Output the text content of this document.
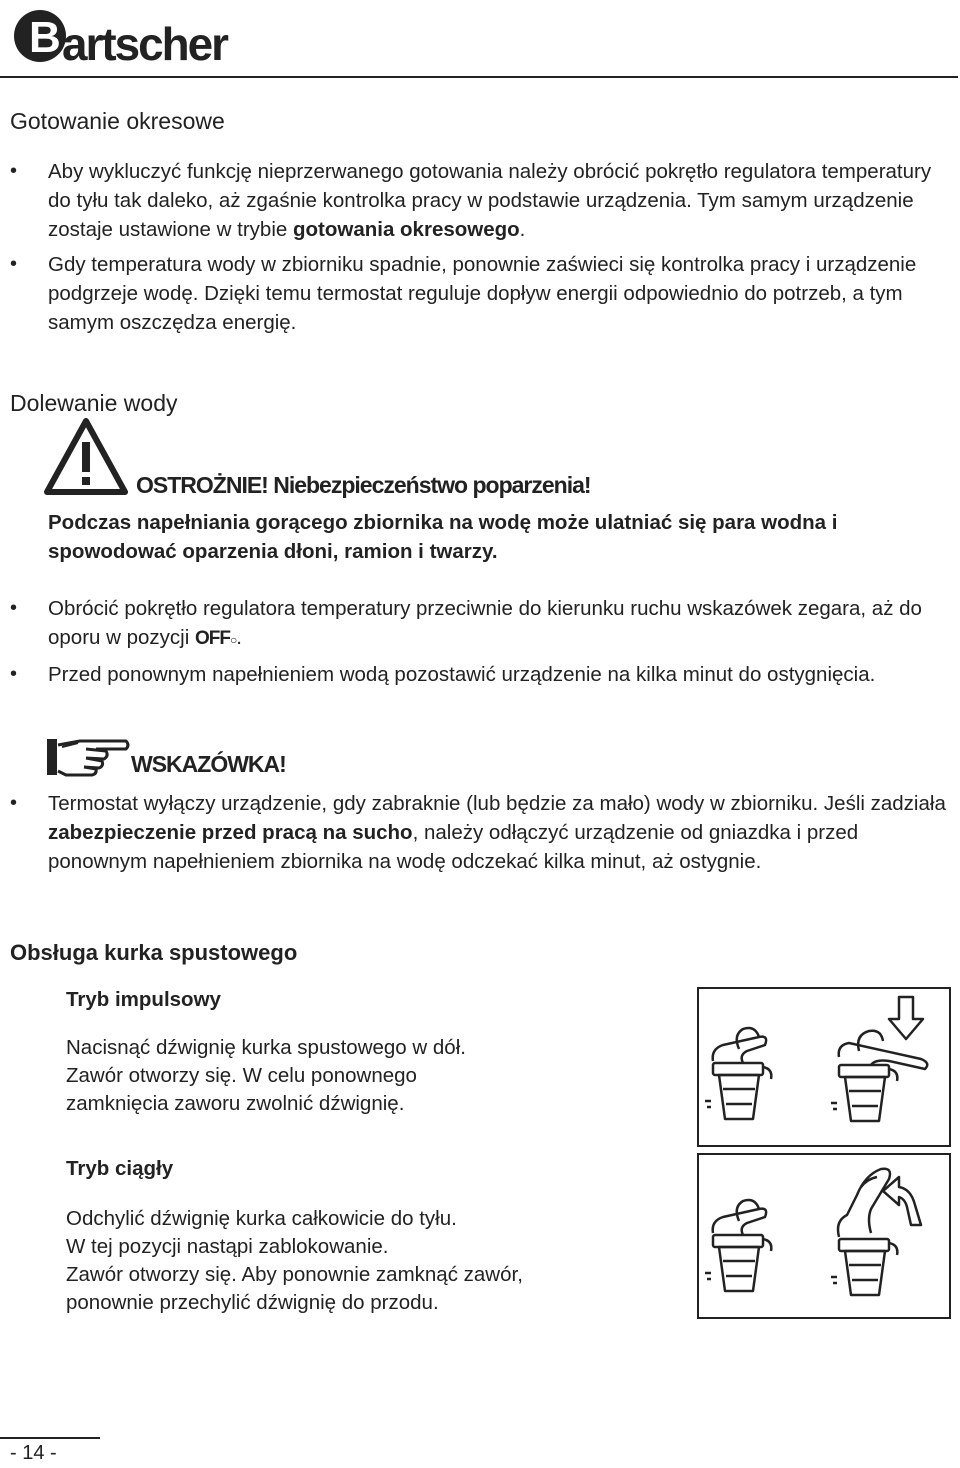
B artscher
Gotowanie okresowe
• Aby wykluczyć funkcję nieprzerwanego gotowania należy obrócić pokrętło regulatora temperatury do tyłu tak daleko, aż zgaśnie kontrolka pracy w podstawie urządzenia. Tym samym urządzenie zostaje ustawione w trybie gotowania okresowego.
• Gdy temperatura wody w zbiorniku spadnie, ponownie zaświeci się kontrolka pracy i urządzenie podgrzeje wodę. Dzięki temu termostat reguluje dopływ energii odpowiednio do potrzeb, a tym samym oszczędza energię.
Dolewanie wody
OSTROŻNIE! Niebezpieczeństwo poparzenia!
Podczas napełniania gorącego zbiornika na wodę może ulatniać się para wodna i spowodować oparzenia dłoni, ramion i twarzy.
• Obrócić pokrętło regulatora temperatury przeciwnie do kierunku ruchu wskazówek zegara, aż do oporu w pozycji OFF○.
• Przed ponownym napełnieniem wodą pozostawić urządzenie na kilka minut do ostygnięcia.
WSKAZÓWKA!
• Termostat wyłączy urządzenie, gdy zabraknie (lub będzie za mało) wody w zbiorniku. Jeśli zadziała zabezpieczenie przed pracą na sucho, należy odłączyć urządzenie od gniazdka i przed ponownym napełnieniem zbiornika na wodę odczekać kilka minut, aż ostygnie.
Obsługa kurka spustowego
Tryb impulsowy
Nacisnąć dźwignię kurka spustowego w dół.
Zawór otworzy się. W celu ponownego
zamknięcia zaworu zwolnić dźwignię.
Tryb ciągły
Odchylić dźwignię kurka całkowicie do tyłu.
W tej pozycji nastąpi zablokowanie.
Zawór otworzy się. Aby ponownie zamknąć zawór,
ponownie przechylić dźwignię do przodu.
- 14 -
